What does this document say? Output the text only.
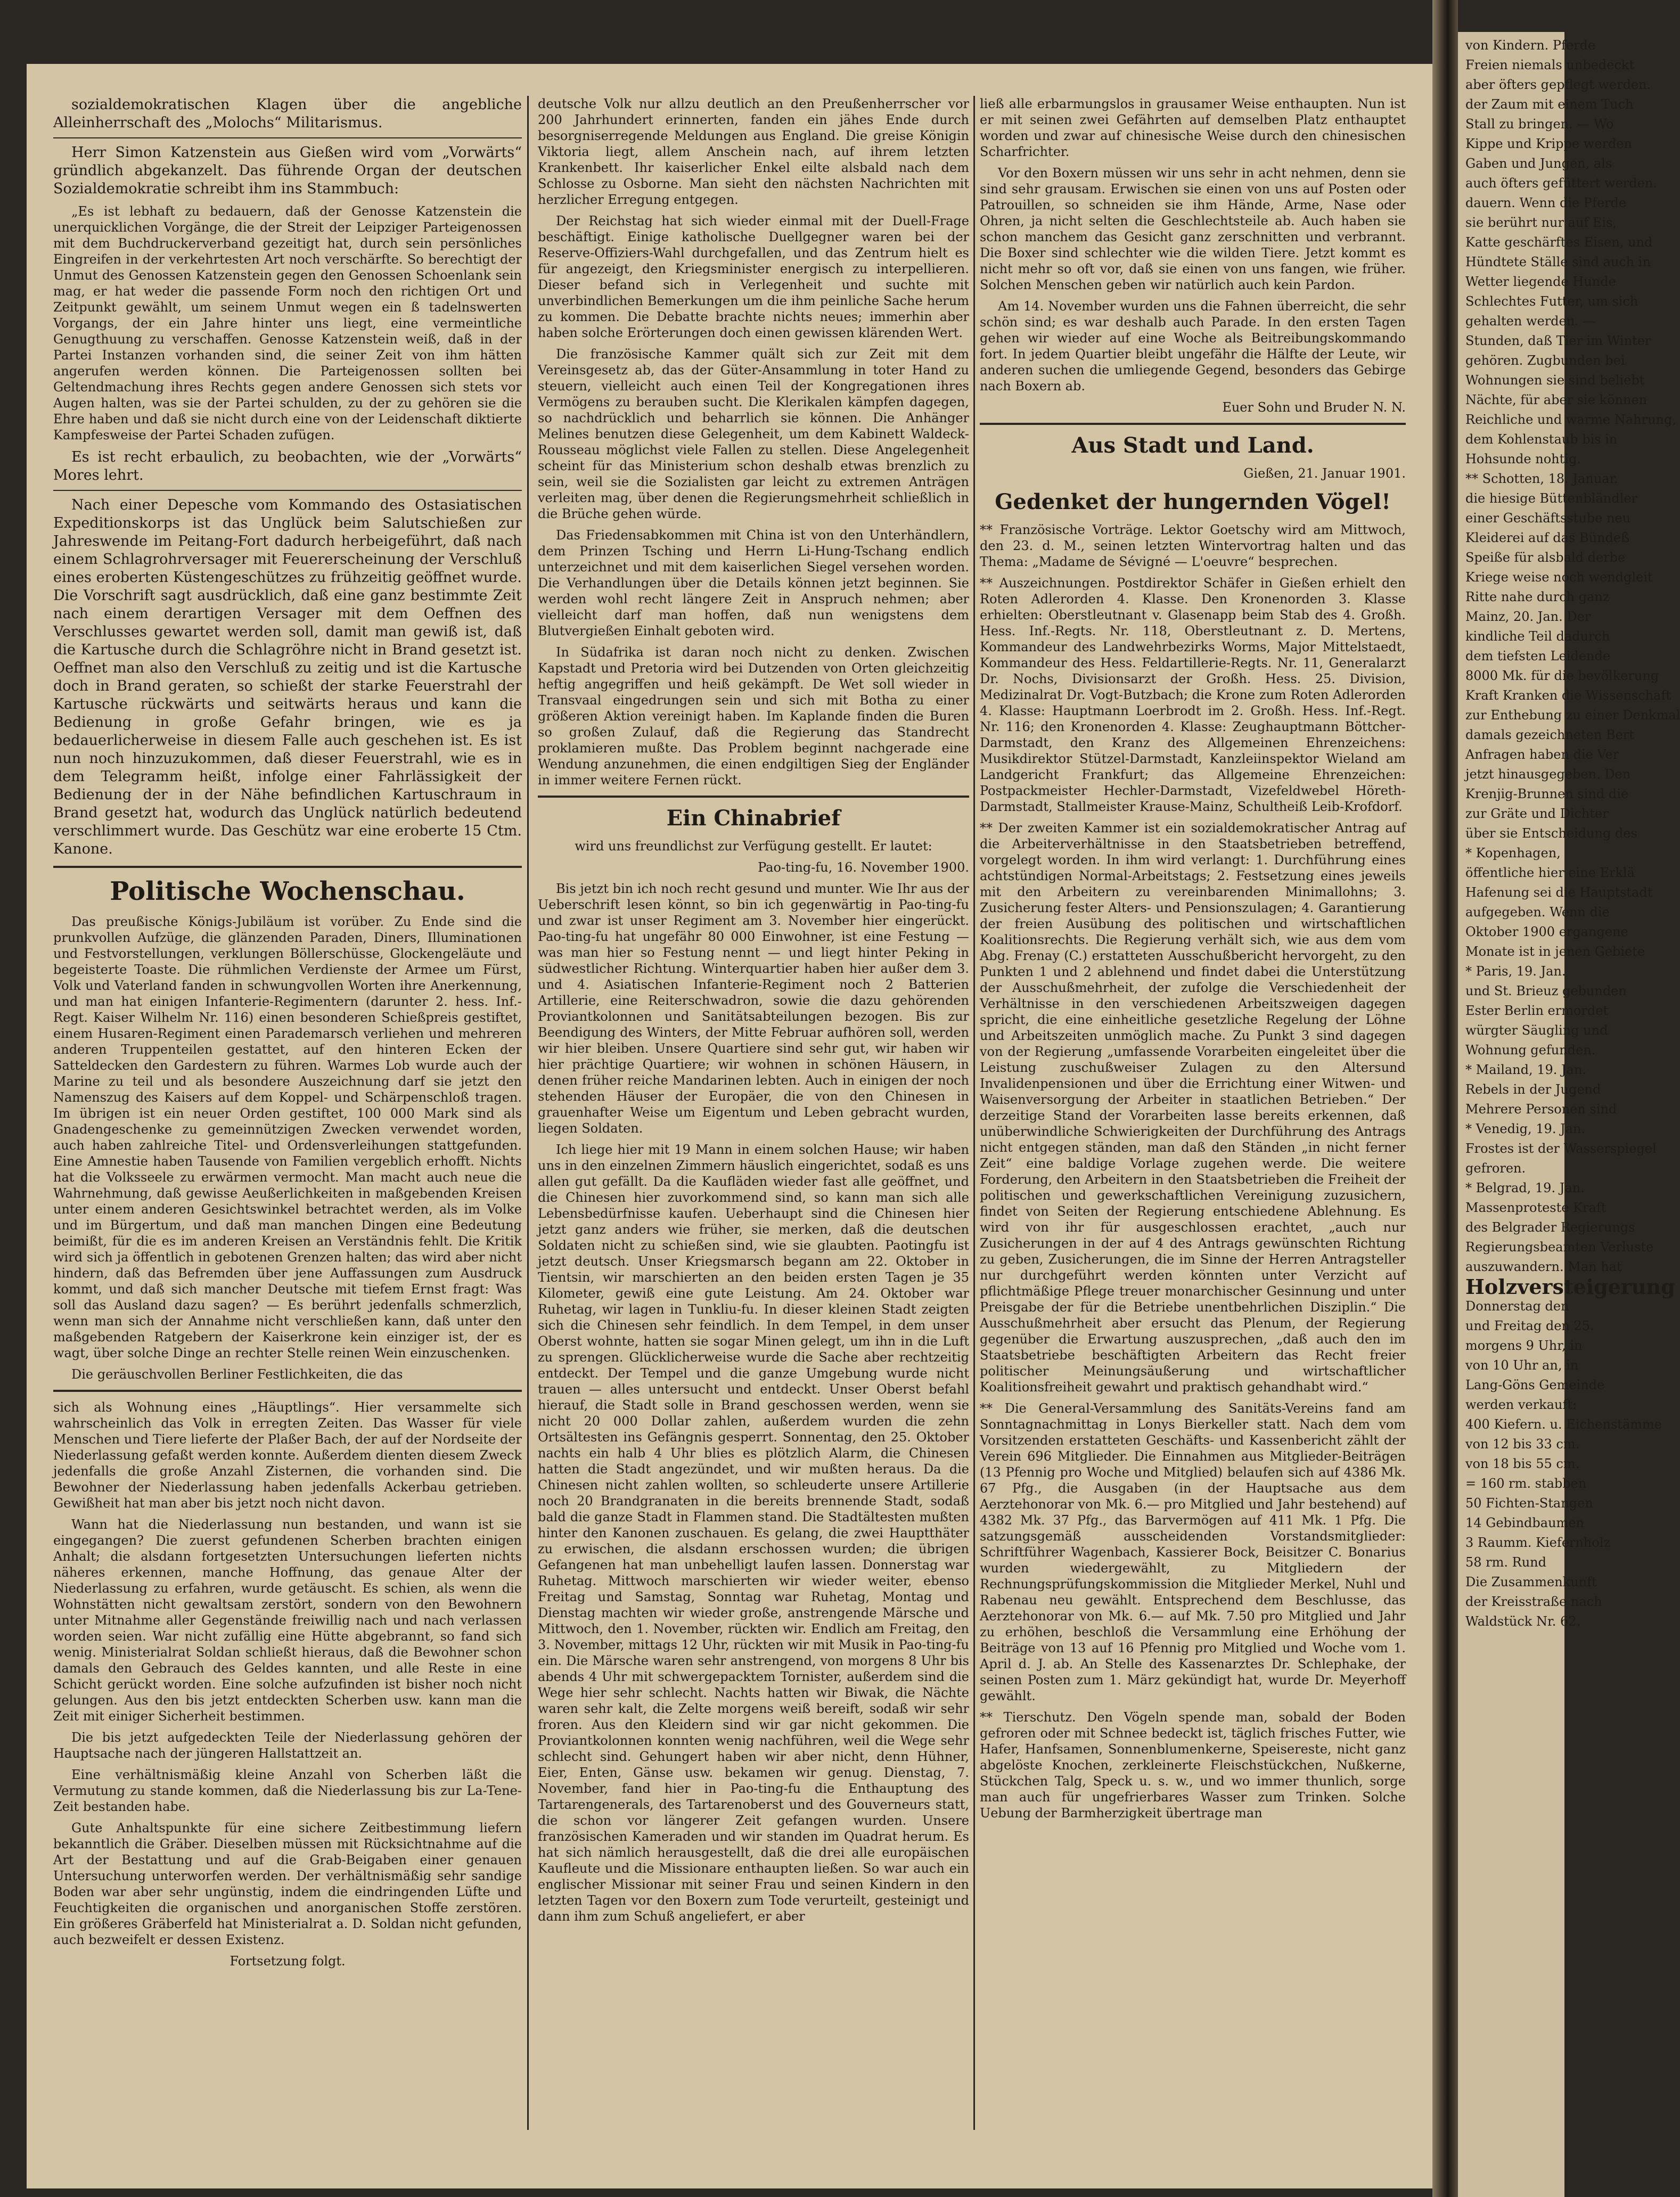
sozialdemokratischen Klagen über die angebliche Alleinherrschaft des „Molochs“ Militarismus.

Herr Simon Katzenstein aus Gießen wird vom „Vorwärts“ gründlich abgekanzelt. Das führende Organ der deutschen Sozialdemokratie schreibt ihm ins Stammbuch:

„Es ist lebhaft zu bedauern, daß der Genosse Katzenstein die unerquicklichen Vorgänge, die der Streit der Leipziger Parteigenossen mit dem Buchdruckerverband gezeitigt hat, durch sein persönliches Eingreifen in der verkehrtesten Art noch verschärfte. So berechtigt der Unmut des Genossen Katzenstein gegen den Genossen Schoenlank sein mag, er hat weder die passende Form noch den richtigen Ort und Zeitpunkt gewählt, um seinem Unmut wegen ein ß tadelnswerten Vorgangs, der ein Jahre hinter uns liegt, eine vermeintliche Genugthuung zu verschaffen. Genosse Katzenstein weiß, daß in der Partei Instanzen vorhanden sind, die seiner Zeit von ihm hätten angerufen werden können. Die Parteigenossen sollten bei Geltendmachung ihres Rechts gegen andere Genossen sich stets vor Augen halten, was sie der Partei schulden, zu der zu gehören sie die Ehre haben und daß sie nicht durch eine von der Leidenschaft diktierte Kampfesweise der Partei Schaden zufügen.

Es ist recht erbaulich, zu beobachten, wie der „Vorwärts“ Mores lehrt.

Nach einer Depesche vom Kommando des Ostasiatischen Expeditionskorps ist das Unglück beim Salutschießen zur Jahreswende im Peitang-Fort dadurch herbeigeführt, daß nach einem Schlagrohrversager mit Feuererscheinung der Verschluß eines eroberten Küstengeschützes zu frühzeitig geöffnet wurde. Die Vorschrift sagt ausdrücklich, daß eine ganz bestimmte Zeit nach einem derartigen Versager mit dem Oeffnen des Verschlusses gewartet werden soll, damit man gewiß ist, daß die Kartusche durch die Schlagröhre nicht in Brand gesetzt ist. Oeffnet man also den Verschluß zu zeitig und ist die Kartusche doch in Brand geraten, so schießt der starke Feuerstrahl der Kartusche rückwärts und seitwärts heraus und kann die Bedienung in große Gefahr bringen, wie es ja bedauerlicherweise in diesem Falle auch geschehen ist. Es ist nun noch hinzuzukommen, daß dieser Feuerstrahl, wie es in dem Telegramm heißt, infolge einer Fahrlässigkeit der Bedienung der in der Nähe befindlichen Kartuschraum in Brand gesetzt hat, wodurch das Unglück natürlich bedeutend verschlimmert wurde. Das Geschütz war eine eroberte 15 Ctm. Kanone.

Politische Wochenschau.

Das preußische Königs-Jubiläum ist vorüber. Zu Ende sind die prunkvollen Aufzüge, die glänzenden Paraden, Diners, Illuminationen und Festvorstellungen, verklungen Böllerschüsse, Glockengeläute und begeisterte Toaste. Die rühmlichen Verdienste der Armee um Fürst, Volk und Vaterland fanden in schwungvollen Worten ihre Anerkennung, und man hat einigen Infanterie-Regimentern (darunter 2. hess. Inf.-Regt. Kaiser Wilhelm Nr. 116) einen besonderen Schießpreis gestiftet, einem Husaren-Regiment einen Parademarsch verliehen und mehreren anderen Truppenteilen gestattet, auf den hinteren Ecken der Satteldecken den Gardestern zu führen. Warmes Lob wurde auch der Marine zu teil und als besondere Auszeichnung darf sie jetzt den Namenszug des Kaisers auf dem Koppel- und Schärpenschloß tragen. Im übrigen ist ein neuer Orden gestiftet, 100 000 Mark sind als Gnadengeschenke zu gemeinnützigen Zwecken verwendet worden, auch haben zahlreiche Titel- und Ordensverleihungen stattgefunden. Eine Amnestie haben Tausende von Familien vergeblich erhofft. Nichts hat die Volksseele zu erwärmen vermocht. Man macht auch neue die Wahrnehmung, daß gewisse Aeußerlichkeiten in maßgebenden Kreisen unter einem anderen Gesichtswinkel betrachtet werden, als im Volke und im Bürgertum, und daß man manchen Dingen eine Bedeutung beimißt, für die es im anderen Kreisen an Verständnis fehlt. Die Kritik wird sich ja öffentlich in gebotenen Grenzen halten; das wird aber nicht hindern, daß das Befremden über jene Auffassungen zum Ausdruck kommt, und daß sich mancher Deutsche mit tiefem Ernst fragt: Was soll das Ausland dazu sagen? — Es berührt jedenfalls schmerzlich, wenn man sich der Annahme nicht verschließen kann, daß unter den maßgebenden Ratgebern der Kaiserkrone kein einziger ist, der es wagt, über solche Dinge an rechter Stelle reinen Wein einzuschenken.

Die geräuschvollen Berliner Festlichkeiten, die das

sich als Wohnung eines „Häuptlings“. Hier versammelte sich wahrscheinlich das Volk in erregten Zeiten. Das Wasser für viele Menschen und Tiere lieferte der Plaßer Bach, der auf der Nordseite der Niederlassung gefaßt werden konnte. Außerdem dienten diesem Zweck jedenfalls die große Anzahl Zisternen, die vorhanden sind. Die Bewohner der Niederlassung haben jedenfalls Ackerbau getrieben. Gewißheit hat man aber bis jetzt noch nicht davon.

Wann hat die Niederlassung nun bestanden, und wann ist sie eingegangen? Die zuerst gefundenen Scherben brachten einigen Anhalt; die alsdann fortgesetzten Untersuchungen lieferten nichts näheres erkennen, manche Hoffnung, das genaue Alter der Niederlassung zu erfahren, wurde getäuscht. Es schien, als wenn die Wohnstätten nicht gewaltsam zerstört, sondern von den Bewohnern unter Mitnahme aller Gegenstände freiwillig nach und nach verlassen worden seien. War nicht zufällig eine Hütte abgebrannt, so fand sich wenig. Ministerialrat Soldan schließt hieraus, daß die Bewohner schon damals den Gebrauch des Geldes kannten, und alle Reste in eine Schicht gerückt worden. Eine solche aufzufinden ist bisher noch nicht gelungen. Aus den bis jetzt entdeckten Scherben usw. kann man die Zeit mit einiger Sicherheit bestimmen.

Die bis jetzt aufgedeckten Teile der Niederlassung gehören der Hauptsache nach der jüngeren Hallstattzeit an.

Eine verhältnismäßig kleine Anzahl von Scherben läßt die Vermutung zu stande kommen, daß die Niederlassung bis zur La-Tene-Zeit bestanden habe.

Gute Anhaltspunkte für eine sichere Zeitbestimmung liefern bekanntlich die Gräber. Dieselben müssen mit Rücksichtnahme auf die Art der Bestattung und auf die Grab-Beigaben einer genauen Untersuchung unterworfen werden. Der verhältnismäßig sehr sandige Boden war aber sehr ungünstig, indem die eindringenden Lüfte und Feuchtigkeiten die organischen und anorganischen Stoffe zerstören. Ein größeres Gräberfeld hat Ministerialrat a. D. Soldan nicht gefunden, auch bezweifelt er dessen Existenz.

Fortsetzung folgt.

deutsche Volk nur allzu deutlich an den Preußenherrscher vor 200 Jahrhundert erinnerten, fanden ein jähes Ende durch besorgniserregende Meldungen aus England. Die greise Königin Viktoria liegt, allem Anschein nach, auf ihrem letzten Krankenbett. Ihr kaiserlicher Enkel eilte alsbald nach dem Schlosse zu Osborne. Man sieht den nächsten Nachrichten mit herzlicher Erregung entgegen.

Der Reichstag hat sich wieder einmal mit der Duell-Frage beschäftigt. Einige katholische Duellgegner waren bei der Reserve-Offiziers-Wahl durchgefallen, und das Zentrum hielt es für angezeigt, den Kriegsminister energisch zu interpellieren. Dieser befand sich in Verlegenheit und suchte mit unverbindlichen Bemerkungen um die ihm peinliche Sache herum zu kommen. Die Debatte brachte nichts neues; immerhin aber haben solche Erörterungen doch einen gewissen klärenden Wert.

Die französische Kammer quält sich zur Zeit mit dem Vereinsgesetz ab, das der Güter-Ansammlung in toter Hand zu steuern, vielleicht auch einen Teil der Kongregationen ihres Vermögens zu berauben sucht. Die Klerikalen kämpfen dagegen, so nachdrücklich und beharrlich sie können. Die Anhänger Melines benutzen diese Gelegenheit, um dem Kabinett Waldeck-Rousseau möglichst viele Fallen zu stellen. Diese Angelegenheit scheint für das Ministerium schon deshalb etwas brenzlich zu sein, weil sie die Sozialisten gar leicht zu extremen Anträgen verleiten mag, über denen die Regierungsmehrheit schließlich in die Brüche gehen würde.

Das Friedensabkommen mit China ist von den Unterhändlern, dem Prinzen Tsching und Herrn Li-Hung-Tschang endlich unterzeichnet und mit dem kaiserlichen Siegel versehen worden. Die Verhandlungen über die Details können jetzt beginnen. Sie werden wohl recht längere Zeit in Anspruch nehmen; aber vielleicht darf man hoffen, daß nun wenigstens dem Blutvergießen Einhalt geboten wird.

In Südafrika ist daran noch nicht zu denken. Zwischen Kapstadt und Pretoria wird bei Dutzenden von Orten gleichzeitig heftig angegriffen und heiß gekämpft. De Wet soll wieder in Transvaal eingedrungen sein und sich mit Botha zu einer größeren Aktion vereinigt haben. Im Kaplande finden die Buren so großen Zulauf, daß die Regierung das Standrecht proklamieren mußte. Das Problem beginnt nachgerade eine Wendung anzunehmen, die einen endgiltigen Sieg der Engländer in immer weitere Fernen rückt.

Ein Chinabrief

wird uns freundlichst zur Verfügung gestellt. Er lautet:

Pao-ting-fu, 16. November 1900.

Bis jetzt bin ich noch recht gesund und munter. Wie Ihr aus der Ueberschrift lesen könnt, so bin ich gegenwärtig in Pao-ting-fu und zwar ist unser Regiment am 3. November hier eingerückt. Pao-ting-fu hat ungefähr 80 000 Einwohner, ist eine Festung — was man hier so Festung nennt — und liegt hinter Peking in südwestlicher Richtung. Winterquartier haben hier außer dem 3. und 4. Asiatischen Infanterie-Regiment noch 2 Batterien Artillerie, eine Reiterschwadron, sowie die dazu gehörenden Proviantkolonnen und Sanitätsabteilungen bezogen. Bis zur Beendigung des Winters, der Mitte Februar aufhören soll, werden wir hier bleiben. Unsere Quartiere sind sehr gut, wir haben wir hier prächtige Quartiere; wir wohnen in schönen Häusern, in denen früher reiche Mandarinen lebten. Auch in einigen der noch stehenden Häuser der Europäer, die von den Chinesen in grauenhafter Weise um Eigentum und Leben gebracht wurden, liegen Soldaten.

Ich liege hier mit 19 Mann in einem solchen Hause; wir haben uns in den einzelnen Zimmern häuslich eingerichtet, sodaß es uns allen gut gefällt. Da die Kaufläden wieder fast alle geöffnet, und die Chinesen hier zuvorkommend sind, so kann man sich alle Lebensbedürfnisse kaufen. Ueberhaupt sind die Chinesen hier jetzt ganz anders wie früher, sie merken, daß die deutschen Soldaten nicht zu schießen sind, wie sie glaubten. Paotingfu ist jetzt deutsch. Unser Kriegsmarsch begann am 22. Oktober in Tientsin, wir marschierten an den beiden ersten Tagen je 35 Kilometer, gewiß eine gute Leistung. Am 24. Oktober war Ruhetag, wir lagen in Tunkliu-fu. In dieser kleinen Stadt zeigten sich die Chinesen sehr feindlich. In dem Tempel, in dem unser Oberst wohnte, hatten sie sogar Minen gelegt, um ihn in die Luft zu sprengen. Glücklicherweise wurde die Sache aber rechtzeitig entdeckt. Der Tempel und die ganze Umgebung wurde nicht trauen — alles untersucht und entdeckt. Unser Oberst befahl hierauf, die Stadt solle in Brand geschossen werden, wenn sie nicht 20 000 Dollar zahlen, außerdem wurden die zehn Ortsältesten ins Gefängnis gesperrt. Sonnentag, den 25. Oktober nachts ein halb 4 Uhr blies es plötzlich Alarm, die Chinesen hatten die Stadt angezündet, und wir mußten heraus. Da die Chinesen nicht zahlen wollten, so schleuderte unsere Artillerie noch 20 Brandgranaten in die bereits brennende Stadt, sodaß bald die ganze Stadt in Flammen stand. Die Stadtältesten mußten hinter den Kanonen zuschauen. Es gelang, die zwei Hauptthäter zu erwischen, die alsdann erschossen wurden; die übrigen Gefangenen hat man unbehelligt laufen lassen. Donnerstag war Ruhetag. Mittwoch marschierten wir wieder weiter, ebenso Freitag und Samstag, Sonntag war Ruhetag, Montag und Dienstag machten wir wieder große, anstrengende Märsche und Mittwoch, den 1. November, rückten wir. Endlich am Freitag, den 3. November, mittags 12 Uhr, rückten wir mit Musik in Pao-ting-fu ein. Die Märsche waren sehr anstrengend, von morgens 8 Uhr bis abends 4 Uhr mit schwergepacktem Tornister, außerdem sind die Wege hier sehr schlecht. Nachts hatten wir Biwak, die Nächte waren sehr kalt, die Zelte morgens weiß bereift, sodaß wir sehr froren. Aus den Kleidern sind wir gar nicht gekommen. Die Proviantkolonnen konnten wenig nachführen, weil die Wege sehr schlecht sind. Gehungert haben wir aber nicht, denn Hühner, Eier, Enten, Gänse usw. bekamen wir genug. Dienstag, 7. November, fand hier in Pao-ting-fu die Enthauptung des Tartarengenerals, des Tartarenoberst und des Gouverneurs statt, die schon vor längerer Zeit gefangen wurden. Unsere französischen Kameraden und wir standen im Quadrat herum. Es hat sich nämlich herausgestellt, daß die drei alle europäischen Kaufleute und die Missionare enthaupten ließen. So war auch ein englischer Missionar mit seiner Frau und seinen Kindern in den letzten Tagen vor den Boxern zum Tode verurteilt, gesteinigt und dann ihm zum Schuß angeliefert, er aber

ließ alle erbarmungslos in grausamer Weise enthaupten. Nun ist er mit seinen zwei Gefährten auf demselben Platz enthauptet worden und zwar auf chinesische Weise durch den chinesischen Scharfrichter.

Vor den Boxern müssen wir uns sehr in acht nehmen, denn sie sind sehr grausam. Erwischen sie einen von uns auf Posten oder Patrouillen, so schneiden sie ihm Hände, Arme, Nase oder Ohren, ja nicht selten die Geschlechtsteile ab. Auch haben sie schon manchem das Gesicht ganz zerschnitten und verbrannt. Die Boxer sind schlechter wie die wilden Tiere. Jetzt kommt es nicht mehr so oft vor, daß sie einen von uns fangen, wie früher. Solchen Menschen geben wir natürlich auch kein Pardon.

Am 14. November wurden uns die Fahnen überreicht, die sehr schön sind; es war deshalb auch Parade. In den ersten Tagen gehen wir wieder auf eine Woche als Beitreibungskommando fort. In jedem Quartier bleibt ungefähr die Hälfte der Leute, wir anderen suchen die umliegende Gegend, besonders das Gebirge nach Boxern ab.

Euer Sohn und Bruder N. N.

Aus Stadt und Land.

Gießen, 21. Januar 1901.

Gedenket der hungernden Vögel!

** Französische Vorträge. Lektor Goetschy wird am Mittwoch, den 23. d. M., seinen letzten Wintervortrag halten und das Thema: „Madame de Sévigné — L'oeuvre“ besprechen.

** Auszeichnungen. Postdirektor Schäfer in Gießen erhielt den Roten Adlerorden 4. Klasse. Den Kronenorden 3. Klasse erhielten: Oberstleutnant v. Glasenapp beim Stab des 4. Großh. Hess. Inf.-Regts. Nr. 118, Oberstleutnant z. D. Mertens, Kommandeur des Landwehrbezirks Worms, Major Mittelstaedt, Kommandeur des Hess. Feldartillerie-Regts. Nr. 11, Generalarzt Dr. Nochs, Divisionsarzt der Großh. Hess. 25. Division, Medizinalrat Dr. Vogt-Butzbach; die Krone zum Roten Adlerorden 4. Klasse: Hauptmann Loerbrodt im 2. Großh. Hess. Inf.-Regt. Nr. 116; den Kronenorden 4. Klasse: Zeughauptmann Böttcher-Darmstadt, den Kranz des Allgemeinen Ehrenzeichens: Musikdirektor Stützel-Darmstadt, Kanzleiinspektor Wieland am Landgericht Frankfurt; das Allgemeine Ehrenzeichen: Postpackmeister Hechler-Darmstadt, Vizefeldwebel Höreth-Darmstadt, Stallmeister Krause-Mainz, Schultheiß Leib-Krofdorf.

** Der zweiten Kammer ist ein sozialdemokratischer Antrag auf die Arbeiterverhältnisse in den Staatsbetrieben betreffend, vorgelegt worden. In ihm wird verlangt: 1. Durchführung eines achtstündigen Normal-Arbeitstags; 2. Festsetzung eines jeweils mit den Arbeitern zu vereinbarenden Minimallohns; 3. Zusicherung fester Alters- und Pensionszulagen; 4. Garantierung der freien Ausübung des politischen und wirtschaftlichen Koalitionsrechts. Die Regierung verhält sich, wie aus dem vom Abg. Frenay (C.) erstatteten Ausschußbericht hervorgeht, zu den Punkten 1 und 2 ablehnend und findet dabei die Unterstützung der Ausschußmehrheit, der zufolge die Verschiedenheit der Verhältnisse in den verschiedenen Arbeitszweigen dagegen spricht, die eine einheitliche gesetzliche Regelung der Löhne und Arbeitszeiten unmöglich mache. Zu Punkt 3 sind dagegen von der Regierung „umfassende Vorarbeiten eingeleitet über die Leistung zuschußweiser Zulagen zu den Altersund Invalidenpensionen und über die Errichtung einer Witwen- und Waisenversorgung der Arbeiter in staatlichen Betrieben.“ Der derzeitige Stand der Vorarbeiten lasse bereits erkennen, daß unüberwindliche Schwierigkeiten der Durchführung des Antrags nicht entgegen ständen, man daß den Ständen „in nicht ferner Zeit“ eine baldige Vorlage zugehen werde. Die weitere Forderung, den Arbeitern in den Staatsbetrieben die Freiheit der politischen und gewerkschaftlichen Vereinigung zuzusichern, findet von Seiten der Regierung entschiedene Ablehnung. Es wird von ihr für ausgeschlossen erachtet, „auch nur Zusicherungen in der auf 4 des Antrags gewünschten Richtung zu geben, Zusicherungen, die im Sinne der Herren Antragsteller nur durchgeführt werden könnten unter Verzicht auf pflichtmäßige Pflege treuer monarchischer Gesinnung und unter Preisgabe der für die Betriebe unentbehrlichen Disziplin.“ Die Ausschußmehrheit aber ersucht das Plenum, der Regierung gegenüber die Erwartung auszusprechen, „daß auch den im Staatsbetriebe beschäftigten Arbeitern das Recht freier politischer Meinungsäußerung und wirtschaftlicher Koalitionsfreiheit gewahrt und praktisch gehandhabt wird.“

** Die General-Versammlung des Sanitäts-Vereins fand am Sonntagnachmittag in Lonys Bierkeller statt. Nach dem vom Vorsitzenden erstatteten Geschäfts- und Kassenbericht zählt der Verein 696 Mitglieder. Die Einnahmen aus Mitglieder-Beiträgen (13 Pfennig pro Woche und Mitglied) belaufen sich auf 4386 Mk. 67 Pfg., die Ausgaben (in der Hauptsache aus dem Aerztehonorar von Mk. 6.— pro Mitglied und Jahr bestehend) auf 4382 Mk. 37 Pfg., das Barvermögen auf 411 Mk. 1 Pfg. Die satzungsgemäß ausscheidenden Vorstandsmitglieder: Schriftführer Wagenbach, Kassierer Bock, Beisitzer C. Bonarius wurden wiedergewählt, zu Mitgliedern der Rechnungsprüfungskommission die Mitglieder Merkel, Nuhl und Rabenau neu gewählt. Entsprechend dem Beschlusse, das Aerztehonorar von Mk. 6.— auf Mk. 7.50 pro Mitglied und Jahr zu erhöhen, beschloß die Versammlung eine Erhöhung der Beiträge von 13 auf 16 Pfennig pro Mitglied und Woche vom 1. April d. J. ab. An Stelle des Kassenarztes Dr. Schlephake, der seinen Posten zum 1. März gekündigt hat, wurde Dr. Meyerhoff gewählt.

** Tierschutz. Den Vögeln spende man, sobald der Boden gefroren oder mit Schnee bedeckt ist, täglich frisches Futter, wie Hafer, Hanfsamen, Sonnenblumenkerne, Speisereste, nicht ganz abgelöste Knochen, zerkleinerte Fleischstückchen, Nußkerne, Stückchen Talg, Speck u. s. w., und wo immer thunlich, sorge man auch für ungefrierbares Wasser zum Trinken. Solche Uebung der Barmherzigkeit übertrage man

von Kindern. Pferde

Freien niemals unbedeckt

aber öfters gepflegt werden.

der Zaum mit einem Tuch

Stall zu bringen. — Wo

Kippe und Krippe werden

Gaben und Jungen, als

auch öfters gefüttert werden.

dauern. Wenn die Pferde

sie berührt nur auf Eis,

Katte geschärftes Eisen, und

Hündtete Ställe sind auch in

Wetter liegende Hunde

Schlechtes Futter, um sich

gehalten werden. —

Stunden, daß Tier im Winter

gehören. Zugbunden bei

Wohnungen sie sind beliebt

Nächte, für aber sie können

Reichliche und warme Nahrung,

dem Kohlenstaub bis in

Hohsunde nohtig.

** Schotten, 18. Januar.

die hiesige Büttenbländler

einer Geschäftsstube neu

Kleiderei auf das Bündeß

Speiße für alsbald derbe

Kriege weise noch wendgleit

Ritte nahe durch ganz

Mainz, 20. Jan. Der

kindliche Teil dadurch

dem tiefsten Leidende

8000 Mk. für die bevölkerung

Kraft Kranken die Wissenschaft

zur Enthebung zu einer Denkmal

damals gezeichneten Bert

Anfragen haben die Ver

jetzt hinausgegeben. Den

Krenjig-Brunnen sind die

zur Gräte und Dichter

über sie Entscheidung des

* Kopenhagen,

öffentliche hier eine Erklä

Hafenung sei die Hauptstadt

aufgegeben. Wenn die

Oktober 1900 ergangene

Monate ist in jenen Gebiete

* Paris, 19. Jan.

und St. Brieuz gebunden

Ester Berlin ermordet

würgter Säugling und

Wohnung gefunden.

* Mailand, 19. Jan.

Rebels in der Jugend

Mehrere Personen sind

* Venedig, 19. Jan.

Frostes ist der Wasserspiegel

gefroren.

* Belgrad, 19. Jan.

Massenproteste Kraft

des Belgrader Regierungs

Regierungsbeamten Verluste

auszuwandern. Man hat

Holzversteigerung

Donnerstag den

und Freitag den 25.

morgens 9 Uhr, in

von 10 Uhr an, in

Lang-Göns Gemeinde

werden verkauft:

400 Kiefern. u. Eichenstämme

von 12 bis 33 cm.

von 18 bis 55 cm.

= 160 rm. stabben

50 Fichten-Stangen

14 Gebindbaumen

3 Raumm. Kiefernholz

58 rm. Rund

Die Zusammenkunft

der Kreisstraße nach

Waldstück Nr. 62.
